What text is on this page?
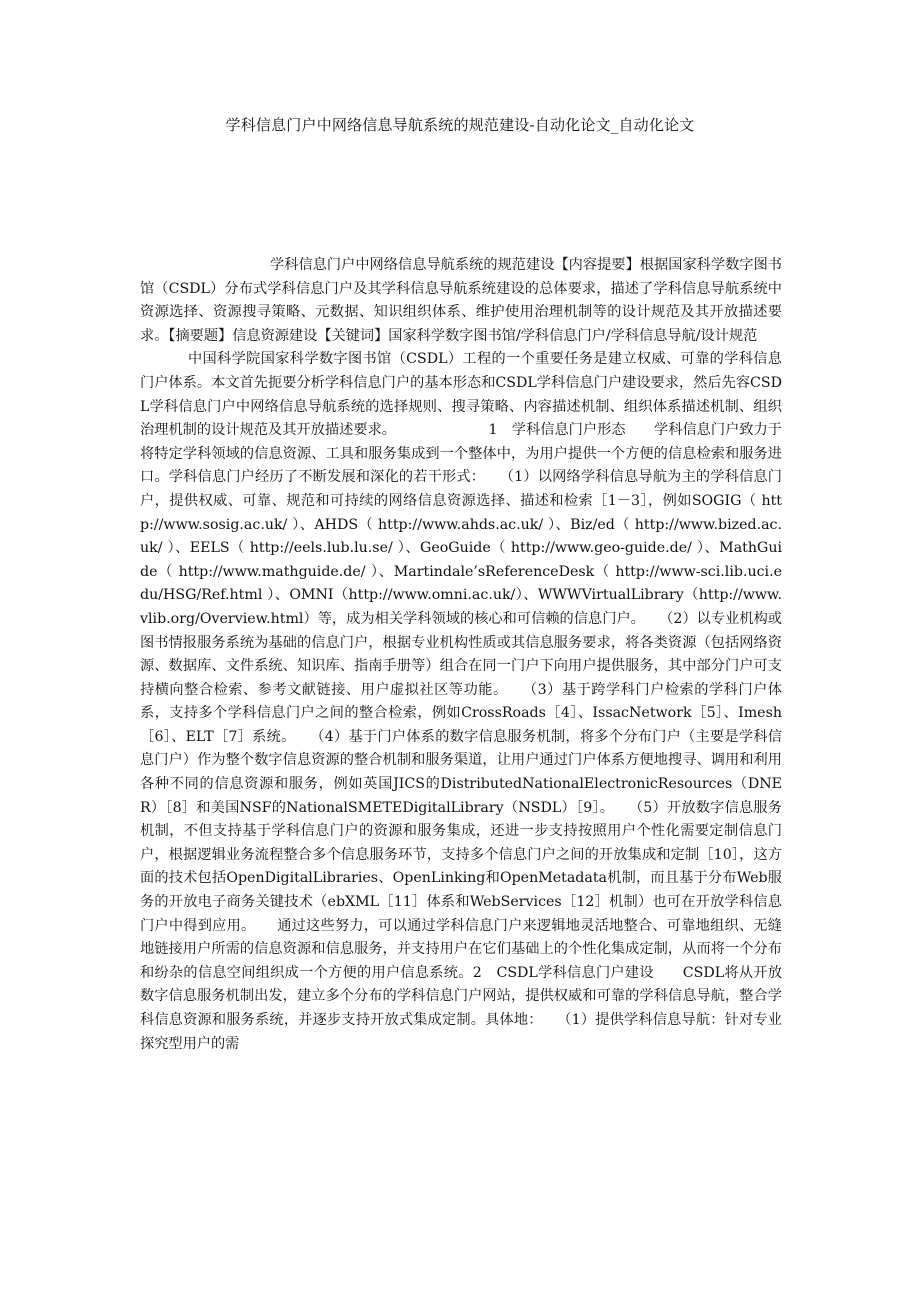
学科信息门户中网络信息导航系统的规范建设-自动化论文_自动化论文

学科信息门户中网络信息导航系统的规范建设【内容提要】根据国家科学数字图书馆（CSDL）分布式学科信息门户及其学科信息导航系统建设的总体要求，描述了学科信息导航系统中资源选择、资源搜寻策略、元数据、知识组织体系、维护使用治理机制等的设计规范及其开放描述要求。【摘要题】信息资源建设【关键词】国家科学数字图书馆/学科信息门户/学科信息导航/设计规范

中国科学院国家科学数字图书馆（CSDL）工程的一个重要任务是建立权威、可靠的学科信息门户体系。本文首先扼要分析学科信息门户的基本形态和CSDL学科信息门户建设要求，然后先容CSDL学科信息门户中网络信息导航系统的选择规则、搜寻策略、内容描述机制、组织体系描述机制、组织治理机制的设计规范及其开放描述要求。　　　　　　　1　学科信息门户形态　　学科信息门户致力于将特定学科领域的信息资源、工具和服务集成到一个整体中，为用户提供一个方便的信息检索和服务进口。学科信息门户经历了不断发展和深化的若干形式：　　（1）以网络学科信息导航为主的学科信息门户，提供权威、可靠、规范和可持续的网络信息资源选择、描述和检索［1－3］，例如SOGIG（ http://www.sosig.ac.uk/ ）、AHDS（ http://www.ahds.ac.uk/ ）、Biz/ed（ http://www.bized.ac.uk/ ）、EELS（ http://eels.lub.lu.se/ ）、GeoGuide（ http://www.geo-guide.de/ ）、MathGuide（ http://www.mathguide.de/ ）、Martindale’sReferenceDesk（ http://www-sci.lib.uci.edu/HSG/Ref.html ）、OMNI（http://www.omni.ac.uk/）、WWWVirtualLibrary（http://www.vlib.org/Overview.html）等，成为相关学科领域的核心和可信赖的信息门户。　　（2）以专业机构或图书情报服务系统为基础的信息门户，根据专业机构性质或其信息服务要求，将各类资源（包括网络资源、数据库、文件系统、知识库、指南手册等）组合在同一门户下向用户提供服务，其中部分门户可支持横向整合检索、参考文献链接、用户虚拟社区等功能。　　（3）基于跨学科门户检索的学科门户体系，支持多个学科信息门户之间的整合检索，例如CrossRoads［4］、IssacNetwork［5］、Imesh［6］、ELT［7］系统。　　（4）基于门户体系的数字信息服务机制，将多个分布门户（主要是学科信息门户）作为整个数字信息资源的整合机制和服务渠道，让用户通过门户体系方便地搜寻、调用和利用各种不同的信息资源和服务，例如英国JICS的DistributedNationalElectronicResources（DNER）［8］和美国NSF的NationalSMETEDigitalLibrary（NSDL）［9］。　　（5）开放数字信息服务机制，不但支持基于学科信息门户的资源和服务集成，还进一步支持按照用户个性化需要定制信息门户，根据逻辑业务流程整合多个信息服务环节，支持多个信息门户之间的开放集成和定制［10］，这方面的技术包括OpenDigitalLibraries、OpenLinking和OpenMetadata机制，而且基于分布Web服务的开放电子商务关键技术（ebXML［11］体系和WebServices［12］机制）也可在开放学科信息门户中得到应用。　　通过这些努力，可以通过学科信息门户来逻辑地灵活地整合、可靠地组织、无缝地链接用户所需的信息资源和信息服务，并支持用户在它们基础上的个性化集成定制，从而将一个分布和纷杂的信息空间组织成一个方便的用户信息系统。2　CSDL学科信息门户建设　　CSDL将从开放数字信息服务机制出发，建立多个分布的学科信息门户网站，提供权威和可靠的学科信息导航，整合学科信息资源和服务系统，并逐步支持开放式集成定制。具体地：　　（1）提供学科信息导航：针对专业探究型用户的需
